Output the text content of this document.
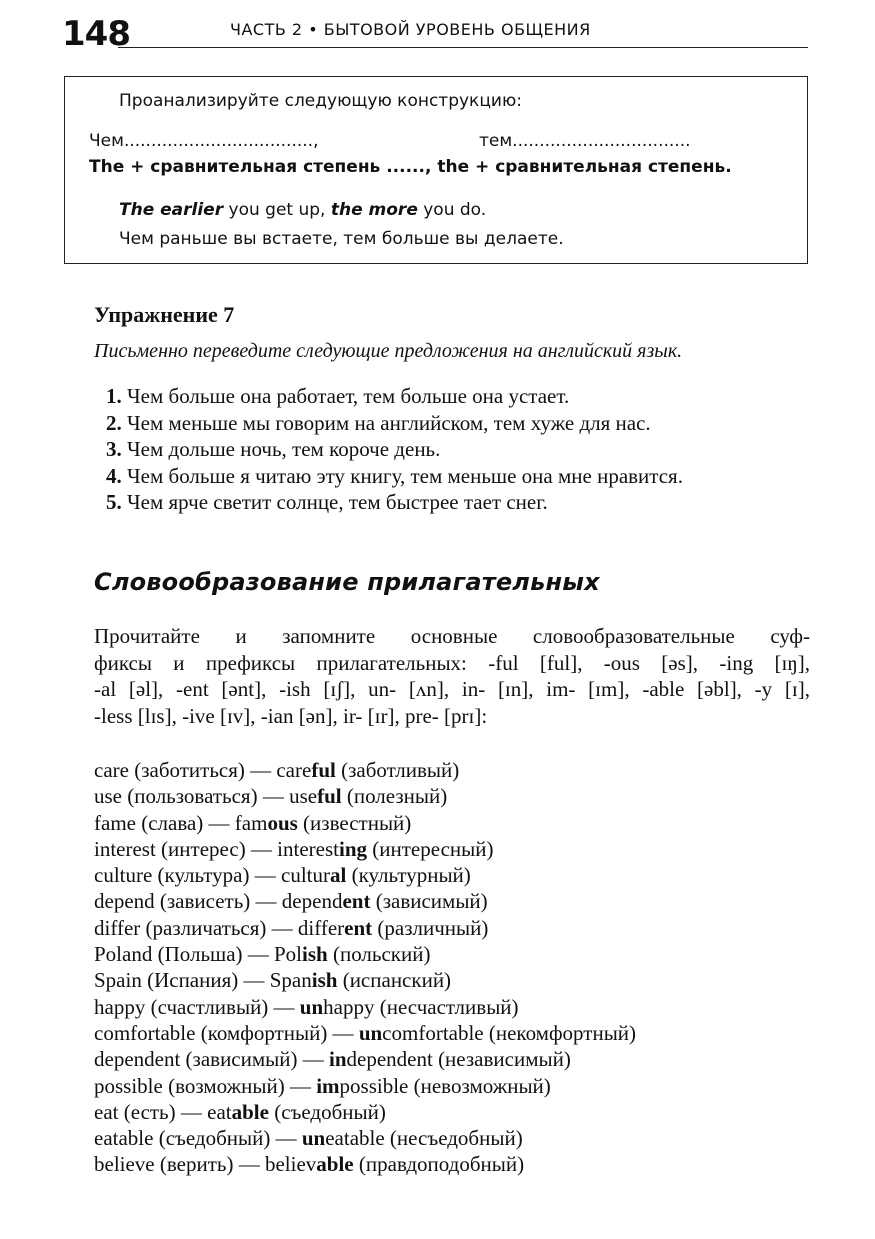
148	ЧАСТЬ 2 • БЫТОВОЙ УРОВЕНЬ ОБЩЕНИЯ
Проанализируйте следующую конструкцию:
Чем...................................,	тем.................................
The + сравнительная степень ......, the + сравнительная степень.
The earlier you get up, the more you do.
Чем раньше вы встаете, тем больше вы делаете.
Упражнение 7
Письменно переведите следующие предложения на английский язык.
1. Чем больше она работает, тем больше она устает.
2. Чем меньше мы говорим на английском, тем хуже для нас.
3. Чем дольше ночь, тем короче день.
4. Чем больше я читаю эту книгу, тем меньше она мне нравится.
5. Чем ярче светит солнце, тем быстрее тает снег.
Словообразование прилагательных
Прочитайте и запомните основные словообразовательные суф-
фиксы и префиксы прилагательных: -ful [ful], -ous [əs], -ing [ɪŋ],
-al [əl], -ent [ənt], -ish [ɪʃ], un- [ʌn], in- [ɪn], im- [ɪm], -able [əbl], -y [ɪ],
-less [lɪs], -ive [ɪv], -ian [ən], ir- [ɪr], pre- [prɪ]:
care (заботиться) — careful (заботливый)
use (пользоваться) — useful (полезный)
fame (слава) — famous (известный)
interest (интерес) — interesting (интересный)
culture (культура) — cultural (культурный)
depend (зависеть) — dependent (зависимый)
differ (различаться) — different (различный)
Poland (Польша) — Polish (польский)
Spain (Испания) — Spanish (испанский)
happy (счастливый) — unhappy (несчастливый)
comfortable (комфортный) — uncomfortable (некомфортный)
dependent (зависимый) — independent (независимый)
possible (возможный) — impossible (невозможный)
eat (есть) — eatable (съедобный)
eatable (съедобный) — uneatable (несъедобный)
believe (верить) — believable (правдоподобный)
